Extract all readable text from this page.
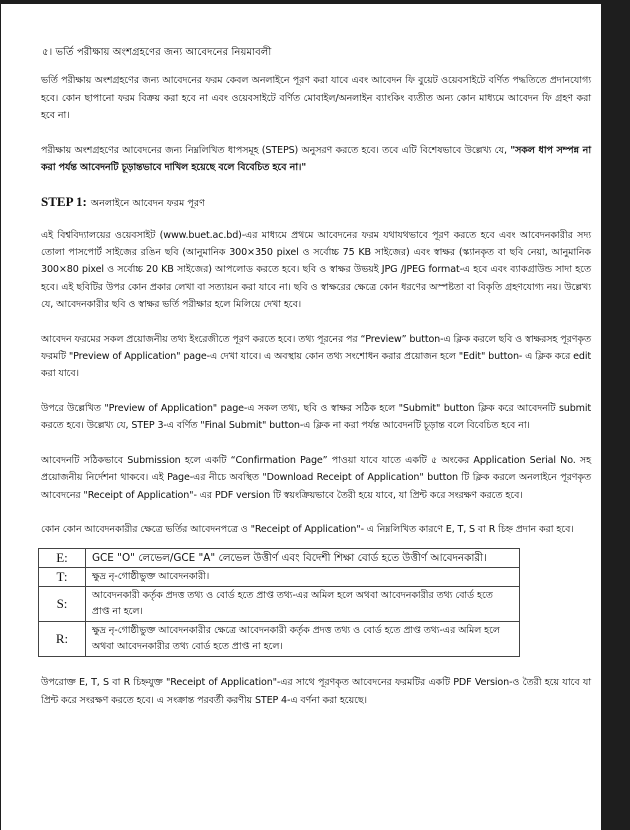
৫। ভর্তি পরীক্ষায় অংশগ্রহণের জন্য আবেদনের নিয়মাবলী

ভর্তি পরীক্ষায় অংশগ্রহণের জন্য আবেদনের ফরম কেবল অনলাইনে পূরণ করা যাবে এবং আবেদন ফি বুয়েট ওয়েবসাইটে বর্ণিত পদ্ধতিতে প্রদানযোগ্য হবে। কোন ছাপানো ফরম বিক্রয় করা হবে না এবং ওয়েবসাইটে বর্ণিত মোবাইল/অনলাইন ব্যাংকিং ব্যতীত অন্য কোন মাধ্যমে আবেদন ফি গ্রহণ করা হবে না।

পরীক্ষায় অংশগ্রহণের আবেদনের জন্য নিম্নলিখিত ধাপসমূহ (STEPS) অনুসরণ করতে হবে। তবে এটি বিশেষভাবে উল্লেখ্য যে, "সকল ধাপ সম্পন্ন না করা পর্যন্ত আবেদনটি চূড়ান্তভাবে দাখিল হয়েছে বলে বিবেচিত হবে না।"

STEP 1: অনলাইনে আবেদন ফরম পূরণ

এই বিশ্ববিদ্যালয়ের ওয়েবসাইট (www.buet.ac.bd)-এর মাধ্যমে প্রথমে আবেদনের ফরম যথাযথভাবে পূরণ করতে হবে এবং আবেদনকারীর সদ্য তোলা পাসপোর্ট সাইজের রঙিন ছবি (আনুমানিক 300×350 pixel ও সর্বোচ্চ 75 KB সাইজের) এবং স্বাক্ষর (স্ক্যানকৃত বা ছবি নেয়া, আনুমানিক 300×80 pixel ও সর্বোচ্চ 20 KB সাইজের) আপলোড করতে হবে। ছবি ও স্বাক্ষর উভয়ই JPG /JPEG format-এ হবে এবং ব্যাকগ্রাউন্ড সাদা হতে হবে। এই ছবিটির উপর কোন প্রকার লেখা বা সত্যায়ন করা যাবে না। ছবি ও স্বাক্ষরের ক্ষেত্রে কোন ধরণের অস্পষ্টতা বা বিকৃতি গ্রহণযোগ্য নয়। উল্লেখ্য যে, আবেদনকারীর ছবি ও স্বাক্ষর ভর্তি পরীক্ষার হলে মিলিয়ে দেখা হবে।

আবেদন ফরমের সকল প্রয়োজনীয় তথ্য ইংরেজীতে পূরণ করতে হবে। তথ্য পূরনের পর “Preview” button-এ ক্লিক করলে ছবি ও স্বাক্ষরসহ পূরণকৃত ফরমটি "Preview of Application" page-এ দেখা যাবে। এ অবস্থায় কোন তথ্য সংশোধন করার প্রয়োজন হলে "Edit" button- এ ক্লিক করে edit করা যাবে।

উপরে উল্লেখিত "Preview of Application" page-এ সকল তথ্য, ছবি ও স্বাক্ষর সঠিক হলে "Submit" button ক্লিক করে আবেদনটি submit করতে হবে। উল্লেখ্য যে, STEP 3-এ বর্ণিত "Final Submit" button-এ ক্লিক না করা পর্যন্ত আবেদনটি চূড়ান্ত বলে বিবেচিত হবে না।

আবেদনটি সঠিকভাবে Submission হলে একটি “Confirmation Page” পাওয়া যাবে যাতে একটি ৫ অংকের Application Serial No. সহ প্রয়োজনীয় নির্দেশনা থাকবে। এই Page-এর নীচে অবস্থিত "Download Receipt of Application" button টি ক্লিক করলে অনলাইনে পূরণকৃত আবেদনের "Receipt of Application"- এর PDF version টি স্বয়ংক্রিয়ভাবে তৈরী হয়ে যাবে, যা প্রিন্ট করে সংরক্ষণ করতে হবে।

কোন কোন আবেদনকারীর ক্ষেত্রে ভর্তির আবেদনপত্রে ও "Receipt of Application"- এ নিম্নলিখিত কারণে E, T, S বা R চিহ্ন প্রদান করা হবে।

E:	GCE "O" লেভেল/GCE "A" লেভেল উত্তীর্ণ এবং বিদেশী শিক্ষা বোর্ড হতে উত্তীর্ণ আবেদনকারী।
T:	ক্ষুদ্র নৃ-গোষ্ঠীভুক্ত আবেদনকারী।
S:	আবেদনকারী কর্তৃক প্রদত্ত তথ্য ও বোর্ড হতে প্রাপ্ত তথ্য-এর অমিল হলে অথবা আবেদনকারীর তথ্য বোর্ড হতে প্রাপ্ত না হলে।
R:	ক্ষুদ্র নৃ-গোষ্ঠীভুক্ত আবেদনকারীর ক্ষেত্রে আবেদনকারী কর্তৃক প্রদত্ত তথ্য ও বোর্ড হতে প্রাপ্ত তথ্য-এর অমিল হলে অথবা আবেদনকারীর তথ্য বোর্ড হতে প্রাপ্ত না হলে।

উপরোক্ত E, T, S বা R চিহ্নযুক্ত "Receipt of Application"-এর সাথে পূরণকৃত আবেদনের ফরমটির একটি PDF Version-ও তৈরী হয়ে যাবে যা প্রিন্ট করে সংরক্ষণ করতে হবে। এ সংক্রান্ত পরবর্তী করণীয় STEP 4-এ বর্ণনা করা হয়েছে।
